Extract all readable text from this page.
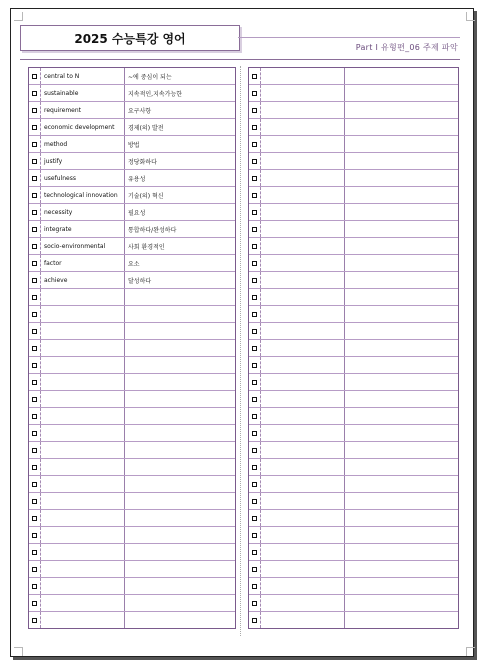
2025 수능특강 영어
Part Ⅰ 유형편_06 주제 파악
	central to N	~에 중심이 되는
	sustainable	지속적인,지속가능한
	requirement	요구사항
	economic development	경제(의) 발전
	method	방법
	justify	정당화하다
	usefulness	유용성
	technological innovation	기술(의) 혁신
	necessity	필요성
	integrate	통합하다/완성하다
	socio-environmental	사회 환경적인
	factor	요소
	achieve	달성하다
